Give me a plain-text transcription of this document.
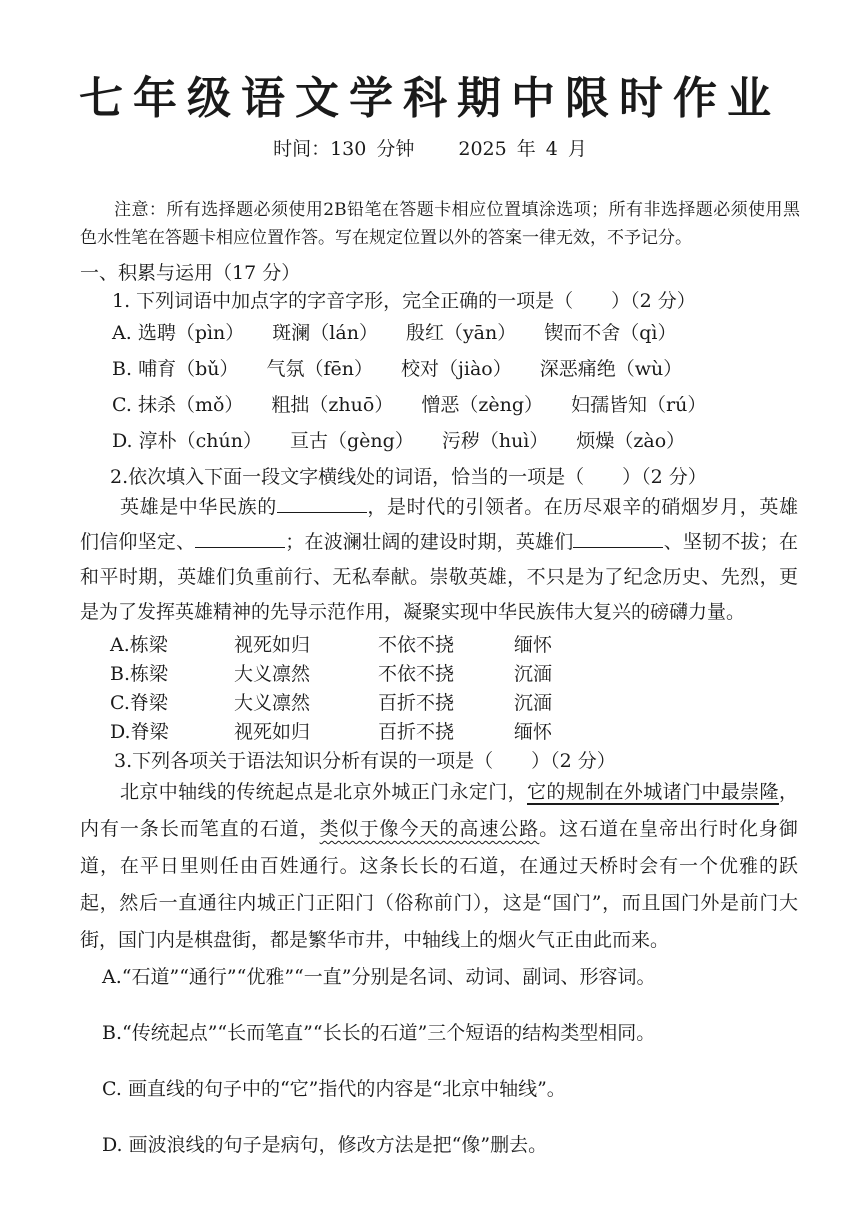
七年级语文学科期中限时作业
时间：130 分钟 2025 年 4 月
注意：所有选择题必须使用2B铅笔在答题卡相应位置填涂选项；所有非选择题必须使用黑色水性笔在答题卡相应位置作答。写在规定位置以外的答案一律无效，不予记分。
一、积累与运用（17 分）
1. 下列词语中加点字的字音字形，完全正确的一项是（　　）（2 分）
A. 选聘（pìn） 斑澜（lán） 殷红（yān） 锲而不舍（qì）
B. 哺育（bǔ） 气氛（fēn） 校对（jiào） 深恶痛绝（wù）
C. 抹杀（mǒ） 粗拙（zhuō） 憎恶（zèng） 妇孺皆知（rú）
D. 淳朴（chún） 亘古（gèng） 污秽（huì） 烦燥（zào）
2.依次填入下面一段文字横线处的词语，恰当的一项是（　　）（2 分）
英雄是中华民族的	，是时代的引领者。在历尽艰辛的硝烟岁月，英雄们信仰坚定、	；在波澜壮阔的建设时期，英雄们	、坚韧不拔；在和平时期，英雄们负重前行、无私奉献。崇敬英雄，不只是为了纪念历史、先烈，更是为了发挥英雄精神的先导示范作用，凝聚实现中华民族伟大复兴的磅礴力量。
A.栋梁	视死如归	不依不挠	缅怀
B.栋梁	大义凛然	不依不挠	沉湎
C.脊梁	大义凛然	百折不挠	沉湎
D.脊梁	视死如归	百折不挠	缅怀
3.下列各项关于语法知识分析有误的一项是（　　）（2 分）
北京中轴线的传统起点是北京外城正门永定门，它的规制在外城诸门中最崇隆，内有一条长而笔直的石道，类似于像今天的高速公路。这石道在皇帝出行时化身御道，在平日里则任由百姓通行。这条长长的石道，在通过天桥时会有一个优雅的跃起，然后一直通往内城正门正阳门（俗称前门），这是“国门”，而且国门外是前门大街，国门内是棋盘街，都是繁华市井，中轴线上的烟火气正由此而来。
A.“石道”“通行”“优雅”“一直”分别是名词、动词、副词、形容词。
B.“传统起点”“长而笔直”“长长的石道”三个短语的结构类型相同。
C. 画直线的句子中的“它”指代的内容是“北京中轴线”。
D. 画波浪线的句子是病句，修改方法是把“像”删去。
